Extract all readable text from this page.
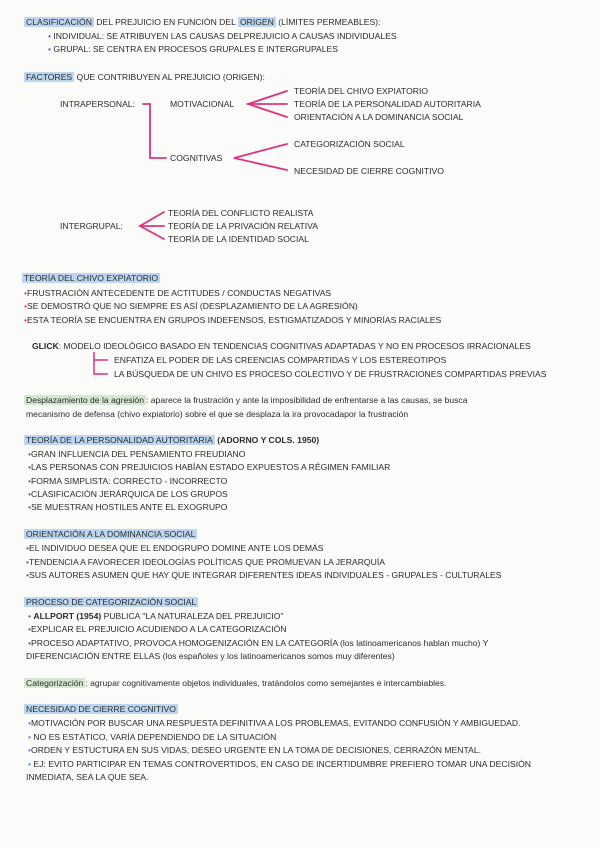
CLASIFICACIÓN DEL PREJUICIO EN FUNCIÓN DEL ORIGEN (LÍMITES PERMEABLES):
• INDIVIDUAL: SE ATRIBUYEN LAS CAUSAS DELPREJUICIO A CAUSAS INDIVIDUALES
• GRUPAL: SE CENTRA EN PROCESOS GRUPALES E INTERGRUPALES
FACTORES QUE CONTRIBUYEN AL PREJUICIO (ORIGEN):
INTRAPERSONAL:	MOTIVACIONAL
TEORÍA DEL CHIVO EXPIATORIO
TEORÍA DE LA PERSONALIDAD AUTORITARIA
ORIENTACIÓN A LA DOMINANCIA SOCIAL
COGNITIVAS
CATEGORIZACIÓN SOCIAL
NECESIDAD DE CIERRE COGNITIVO
INTERGRUPAL:
TEORÍA DEL CONFLICTO REALISTA
TEORÍA DE LA PRIVACIÓN RELATIVA
TEORÍA DE LA IDENTIDAD SOCIAL
TEORÍA DEL CHIVO EXPIATORIO
•FRUSTRACIÓN ANTECEDENTE DE ACTITUDES / CONDUCTAS NEGATIVAS
•SE DEMOSTRÓ QUE NO SIEMPRE ES ASÍ (DESPLAZAMIENTO DE LA AGRESIÓN)
•ESTA TEORÍA SE ENCUENTRA EN GRUPOS INDEFENSOS, ESTIGMATIZADOS Y MINORÍAS RACIALES
GLICK: MODELO IDEOLÓGICO BASADO EN TENDENCIAS COGNITIVAS ADAPTADAS Y NO EN PROCESOS IRRACIONALES
ENFATIZA EL PODER DE LAS CREENCIAS COMPARTIDAS Y LOS ESTEREOTIPOS
LA BÚSQUEDA DE UN CHIVO ES PROCESO COLECTIVO Y DE FRUSTRACIONES COMPARTIDAS PREVIAS
Desplazamiento de la agresión : aparece la frustración y ante la imposibilidad de enfrentarse a las causas, se busca
mecanismo de defensa (chivo expiatorio) sobre el que se desplaza la ira provocadapor la frustración
TEORÍA DE LA PERSONALIDAD AUTORITARIA (ADORNO Y COLS. 1950)
•GRAN INFLUENCIA DEL PENSAMIENTO FREUDIANO
•LAS PERSONAS CON PREJUICIOS HABÍAN ESTADO EXPUESTOS A RÉGIMEN FAMILIAR
•FORMA SIMPLISTA: CORRECTO - INCORRECTO
•CLASIFICACIÓN JERÁRQUICA DE LOS GRUPOS
•SE MUESTRAN HOSTILES ANTE EL EXOGRUPO
ORIENTACIÓN A LA DOMINANCIA SOCIAL
•EL INDIVIDUO DESEA QUE EL ENDOGRUPO DOMINE ANTE LOS DEMÁS
•TENDENCIA A FAVORECER IDEOLOGÍAS POLÍTICAS QUE PROMUEVAN LA JERARQUÍA
•SUS AUTORES ASUMEN QUE HAY QUE INTEGRAR DIFERENTES IDEAS INDIVIDUALES - GRUPALES - CULTURALES
PROCESO DE CATEGORIZACIÓN SOCIAL
• ALLPORT (1954) PUBLICA "LA NATURALEZA DEL PREJUICIO"
•EXPLICAR EL PREJUICIO ACUDIENDO A LA CATEGORIZACIÓN
•PROCESO ADAPTATIVO, PROVOCA HOMOGENIZACIÓN EN LA CATEGORÍA (los latinoamericanos hablan mucho) Y
DIFERENCIACIÓN ENTRE ELLAS (los españoles y los latinoamericanos somos muy diferentes)
Categorización : agrupar cognitivamente objetos individuales, tratándolos como semejantes e intercambiables.
NECESIDAD DE CIERRE COGNITIVO
•MOTIVACIÓN POR BUSCAR UNA RESPUESTA DEFINITIVA A LOS PROBLEMAS, EVITANDO CONFUSIÓN Y AMBIGUEDAD.
• NO ES ESTÁTICO, VARÍA DEPENDIENDO DE LA SITUACIÓN
•ORDEN Y ESTUCTURA EN SUS VIDAS, DESEO URGENTE EN LA TOMA DE DECISIONES, CERRAZÓN MENTAL.
• EJ: EVITO PARTICIPAR EN TEMAS CONTROVERTIDOS, EN CASO DE INCERTIDUMBRE PREFIERO TOMAR UNA DECISIÓN
INMEDIATA, SEA LA QUE SEA.
